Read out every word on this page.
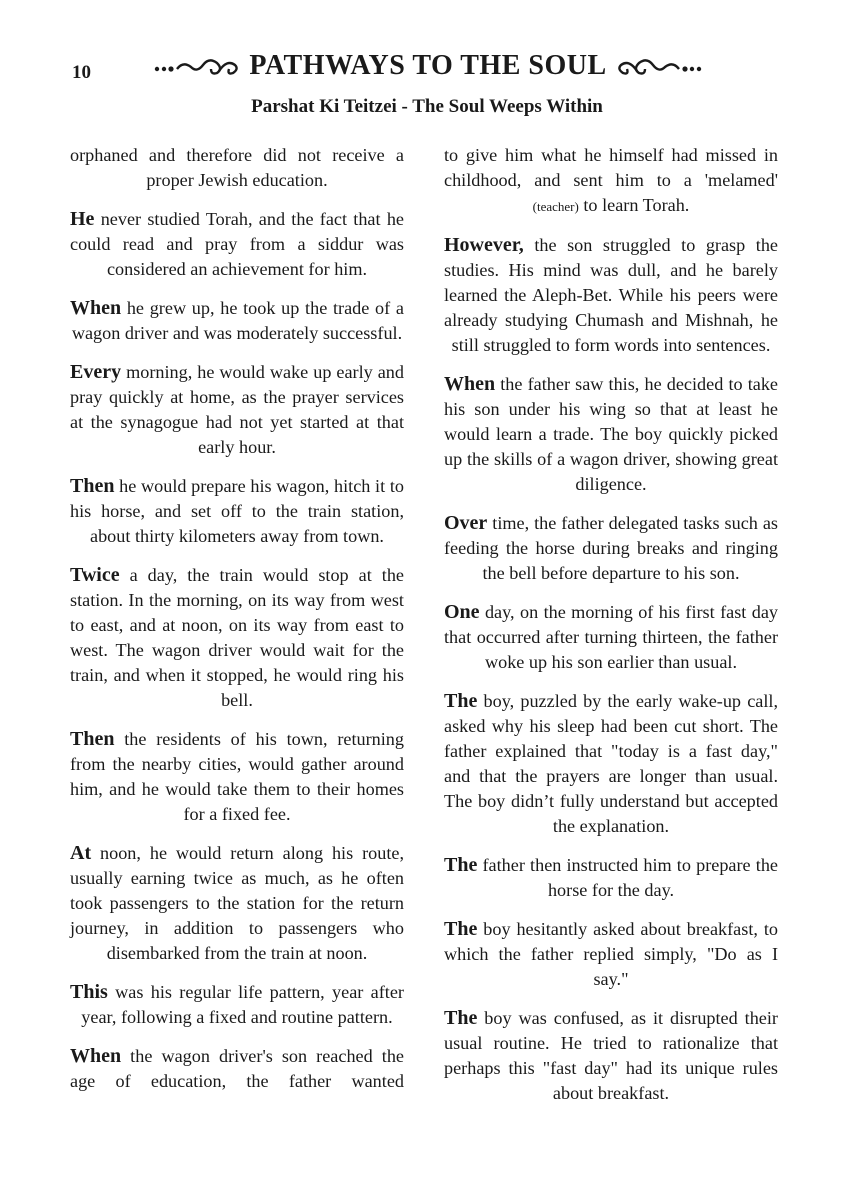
10	PATHWAYS TO THE SOUL
Parshat Ki Teitzei - The Soul Weeps Within

orphaned and therefore did not receive a proper Jewish education.

He never studied Torah, and the fact that he could read and pray from a siddur was considered an achievement for him.

When he grew up, he took up the trade of a wagon driver and was moderately successful.

Every morning, he would wake up early and pray quickly at home, as the prayer services at the synagogue had not yet started at that early hour.

Then he would prepare his wagon, hitch it to his horse, and set off to the train station, about thirty kilometers away from town.

Twice a day, the train would stop at the station. In the morning, on its way from west to east, and at noon, on its way from east to west. The wagon driver would wait for the train, and when it stopped, he would ring his bell.

Then the residents of his town, returning from the nearby cities, would gather around him, and he would take them to their homes for a fixed fee.

At noon, he would return along his route, usually earning twice as much, as he often took passengers to the station for the return journey, in addition to passengers who disembarked from the train at noon.

This was his regular life pattern, year after year, following a fixed and routine pattern.

When the wagon driver's son reached the age of education, the father wanted

to give him what he himself had missed in childhood, and sent him to a 'melamed' (teacher) to learn Torah.

However, the son struggled to grasp the studies. His mind was dull, and he barely learned the Aleph-Bet. While his peers were already studying Chumash and Mishnah, he still struggled to form words into sentences.

When the father saw this, he decided to take his son under his wing so that at least he would learn a trade. The boy quickly picked up the skills of a wagon driver, showing great diligence.

Over time, the father delegated tasks such as feeding the horse during breaks and ringing the bell before departure to his son.

One day, on the morning of his first fast day that occurred after turning thirteen, the father woke up his son earlier than usual.

The boy, puzzled by the early wake-up call, asked why his sleep had been cut short. The father explained that "today is a fast day," and that the prayers are longer than usual. The boy didn’t fully understand but accepted the explanation.

The father then instructed him to prepare the horse for the day.

The boy hesitantly asked about breakfast, to which the father replied simply, "Do as I say."

The boy was confused, as it disrupted their usual routine. He tried to rationalize that perhaps this "fast day" had its unique rules about breakfast.
